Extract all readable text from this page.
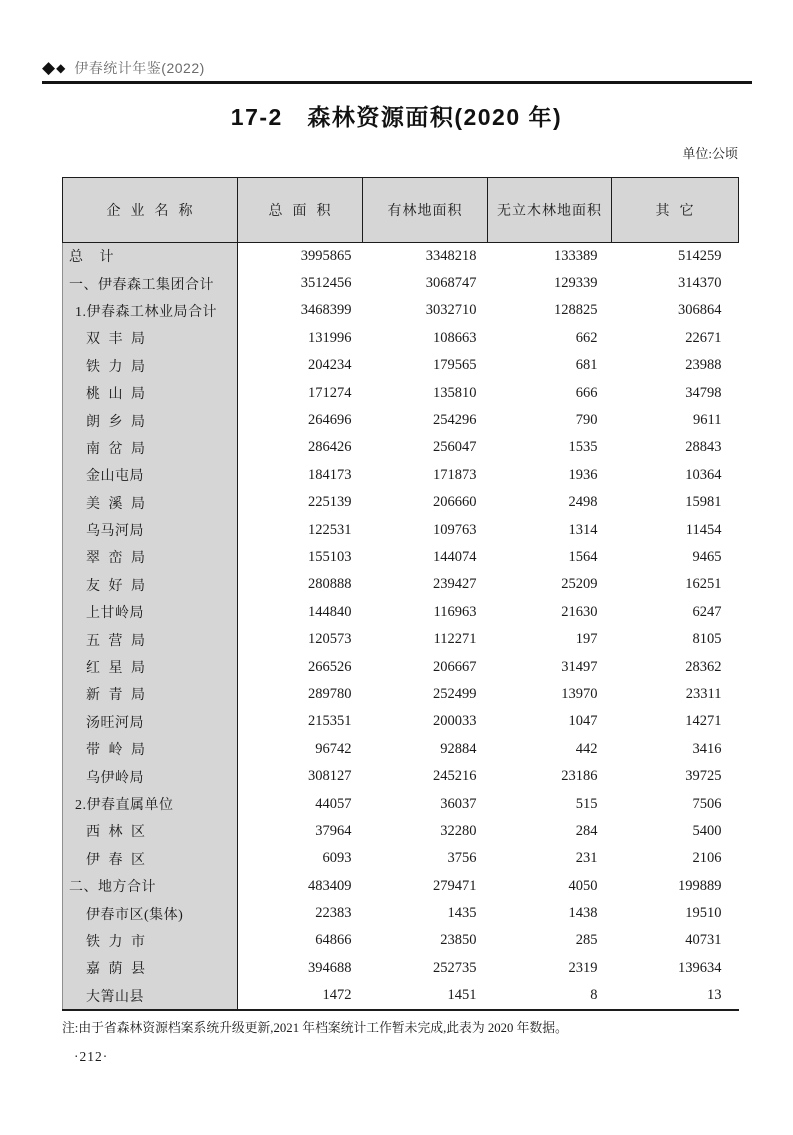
◆ ◆ 伊春统计年鉴(2022)
17-2　森林资源面积(2020 年)
单位:公顷
企  业  名  称	总  面  积	有林地面积	无立木林地面积	其  它
总    计	3995865	3348218	133389	514259
一、伊春森工集团合计	3512456	3068747	129339	314370
1.伊春森工林业局合计	3468399	3032710	128825	306864
双  丰  局	131996	108663	662	22671
铁  力  局	204234	179565	681	23988
桃  山  局	171274	135810	666	34798
朗  乡  局	264696	254296	790	9611
南  岔  局	286426	256047	1535	28843
金山屯局	184173	171873	1936	10364
美  溪  局	225139	206660	2498	15981
乌马河局	122531	109763	1314	11454
翠  峦  局	155103	144074	1564	9465
友  好  局	280888	239427	25209	16251
上甘岭局	144840	116963	21630	6247
五  营  局	120573	112271	197	8105
红  星  局	266526	206667	31497	28362
新  青  局	289780	252499	13970	23311
汤旺河局	215351	200033	1047	14271
带  岭  局	96742	92884	442	3416
乌伊岭局	308127	245216	23186	39725
2.伊春直属单位	44057	36037	515	7506
西  林  区	37964	32280	284	5400
伊  春  区	6093	3756	231	2106
二、地方合计	483409	279471	4050	199889
伊春市区(集体)	22383	1435	1438	19510
铁  力  市	64866	23850	285	40731
嘉  荫  县	394688	252735	2319	139634
大箐山县	1472	1451	8	13
注:由于省森林资源档案系统升级更新,2021 年档案统计工作暂未完成,此表为 2020 年数据。
·212·
